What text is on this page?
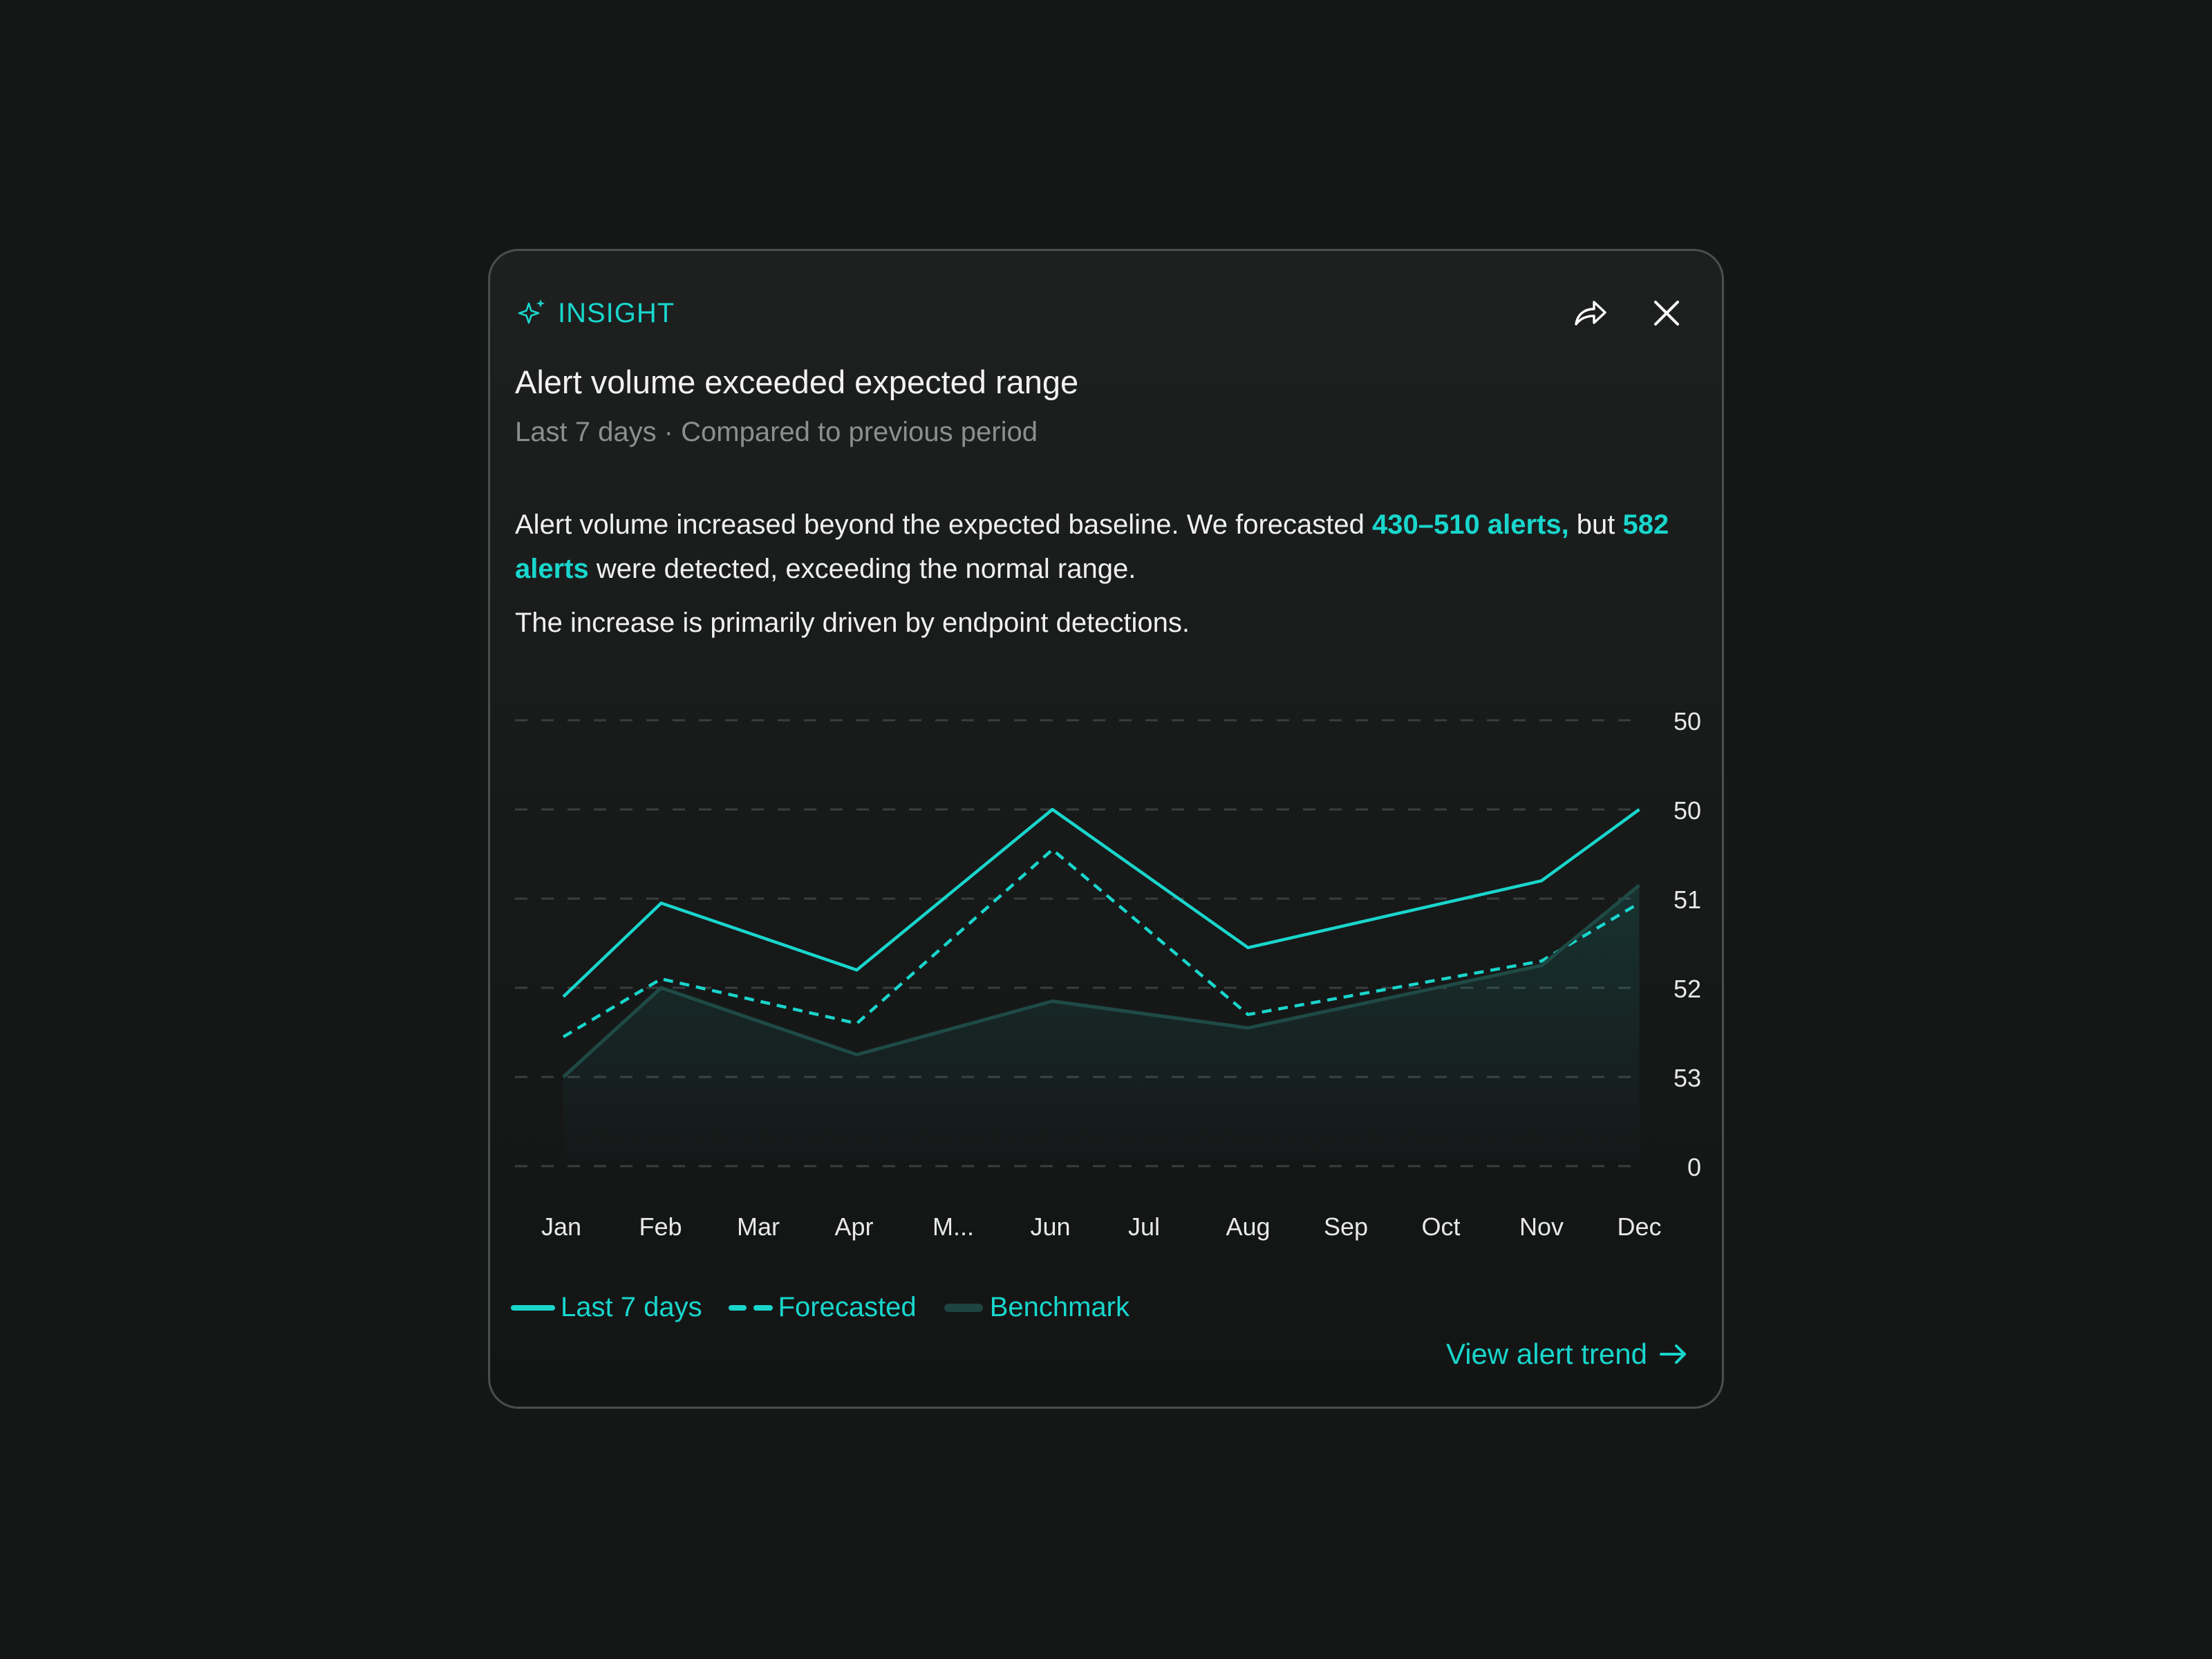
INSIGHT
Alert volume exceeded expected range
Last 7 days · Compared to previous period
Alert volume increased beyond the expected baseline. We forecasted 430–510 alerts, but 582 alerts were detected, exceeding the normal range.
The increase is primarily driven by endpoint detections.
0
53
52
51
50
50
Jan Feb Mar Apr M... Jun Jul	Aug Sep Oct Nov Dec
Last 7 days	Forecasted	Benchmark
View alert trend
